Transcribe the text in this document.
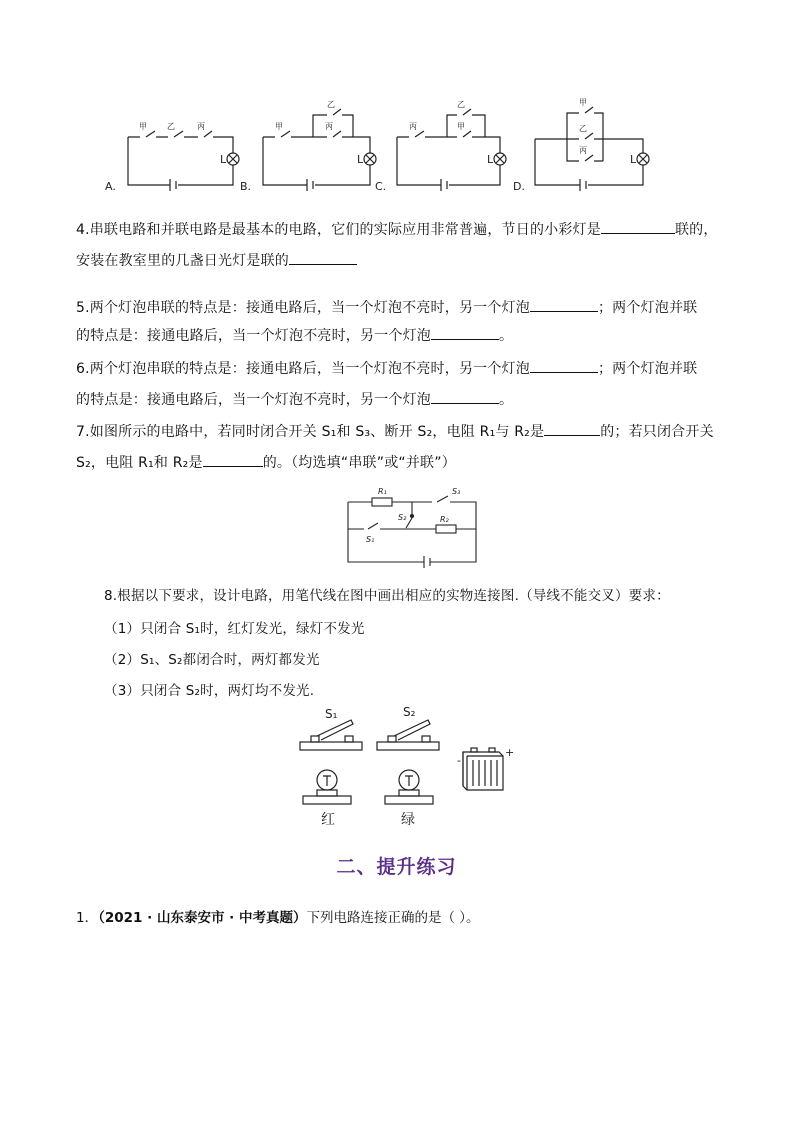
甲	乙	丙	甲
乙
丙	丙
乙
甲
甲
乙
丙
L	L	L	L
A.	B.	C.	D.
4.串联电路和并联电路是最基本的电路，它们的实际应用非常普遍，节日的小彩灯是	联的，
安装在教室里的几盏日光灯是联的
5.两个灯泡串联的特点是：接通电路后，当一个灯泡不亮时，另一个灯泡	；两个灯泡并联
的特点是：接通电路后，当一个灯泡不亮时，另一个灯泡	。
6.两个灯泡串联的特点是：接通电路后，当一个灯泡不亮时，另一个灯泡	；两个灯泡并联
的特点是：接通电路后，当一个灯泡不亮时，另一个灯泡	。
7.如图所示的电路中，若同时闭合开关 S₁和 S₃、断开 S₂，电阻 R₁与 R₂是	的；若只闭合开关
S₂，电阻 R₁和 R₂是	的。（均选填“串联”或“并联”）
R₁	S₃
S₂	R₂
S₁
8.根据以下要求，设计电路，用笔代线在图中画出相应的实物连接图.（导线不能交叉）要求：
（1）只闭合 S₁时，红灯发光，绿灯不发光
（2）S₁、S₂都闭合时，两灯都发光
（3）只闭合 S₂时，两灯均不发光.
S₁	S₂
红	绿
+
-
二、提升练习
1．（2021 · 山东泰安市 · 中考真题）下列电路连接正确的是（ ）。
